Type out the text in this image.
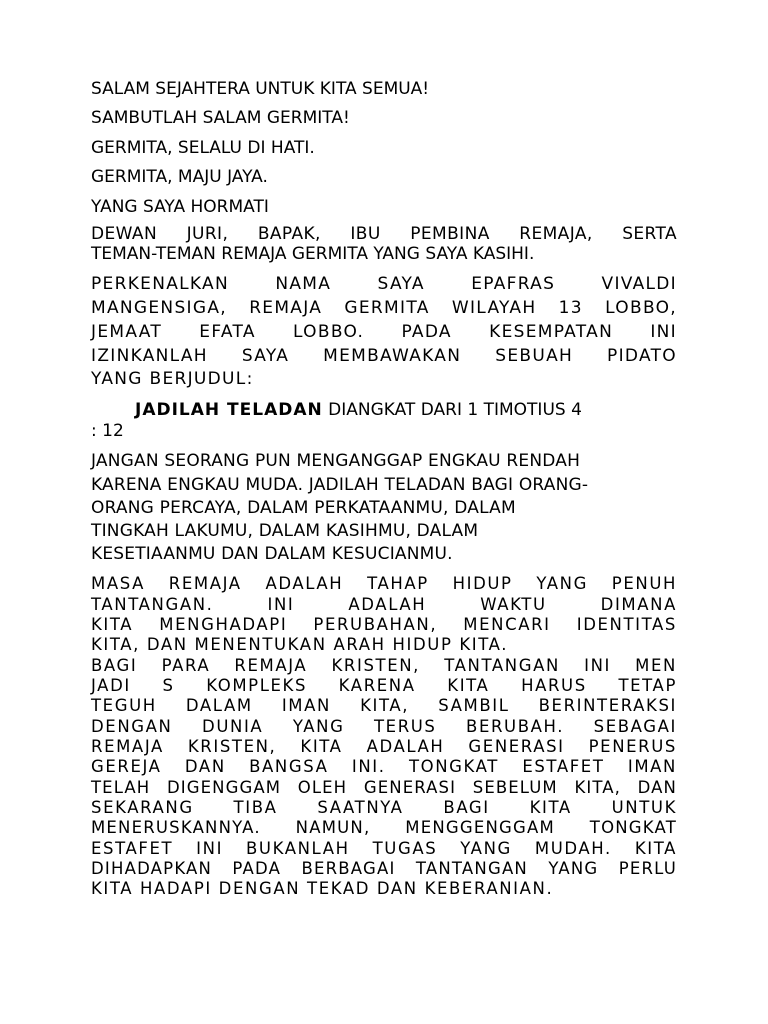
SALAM SEJAHTERA UNTUK KITA SEMUA!

SAMBUTLAH SALAM GERMITA!

GERMITA, SELALU DI HATI.

GERMITA, MAJU JAYA.

YANG SAYA HORMATI

DEWAN JURI, BAPAK, IBU PEMBINA REMAJA, SERTA

TEMAN-TEMAN REMAJA GERMITA YANG SAYA KASIHI.

PERKENALKAN NAMA SAYA EPAFRAS VIVALDI

MANGENSIGA, REMAJA GERMITA WILAYAH 13 LOBBO,

JEMAAT EFATA LOBBO. PADA KESEMPATAN INI

IZINKANLAH SAYA MEMBAWAKAN SEBUAH PIDATO

YANG BERJUDUL:

JADILAH TELADAN DIANGKAT DARI 1 TIMOTIUS 4

: 12

JANGAN SEORANG PUN MENGANGGAP ENGKAU RENDAH

KARENA ENGKAU MUDA. JADILAH TELADAN BAGI ORANG-

ORANG PERCAYA, DALAM PERKATAANMU, DALAM

TINGKAH LAKUMU, DALAM KASIHMU, DALAM

KESETIAANMU DAN DALAM KESUCIANMU.

MASA REMAJA ADALAH TAHAP HIDUP YANG PENUH

TANTANGAN. INI ADALAH WAKTU DIMANA

KITA MENGHADAPI PERUBAHAN, MENCARI IDENTITAS

KITA, DAN MENENTUKAN ARAH HIDUP KITA.

BAGI PARA REMAJA KRISTEN, TANTANGAN INI MEN

JADI S KOMPLEKS KARENA KITA HARUS TETAP

TEGUH DALAM IMAN KITA, SAMBIL BERINTERAKSI

DENGAN DUNIA YANG TERUS BERUBAH. SEBAGAI

REMAJA KRISTEN, KITA ADALAH GENERASI PENERUS

GEREJA DAN BANGSA INI. TONGKAT ESTAFET IMAN

TELAH DIGENGGAM OLEH GENERASI SEBELUM KITA, DAN

SEKARANG TIBA SAATNYA BAGI KITA UNTUK

MENERUSKANNYA. NAMUN, MENGGENGGAM TONGKAT

ESTAFET INI BUKANLAH TUGAS YANG MUDAH. KITA

DIHADAPKAN PADA BERBAGAI TANTANGAN YANG PERLU

KITA HADAPI DENGAN TEKAD DAN KEBERANIAN.
